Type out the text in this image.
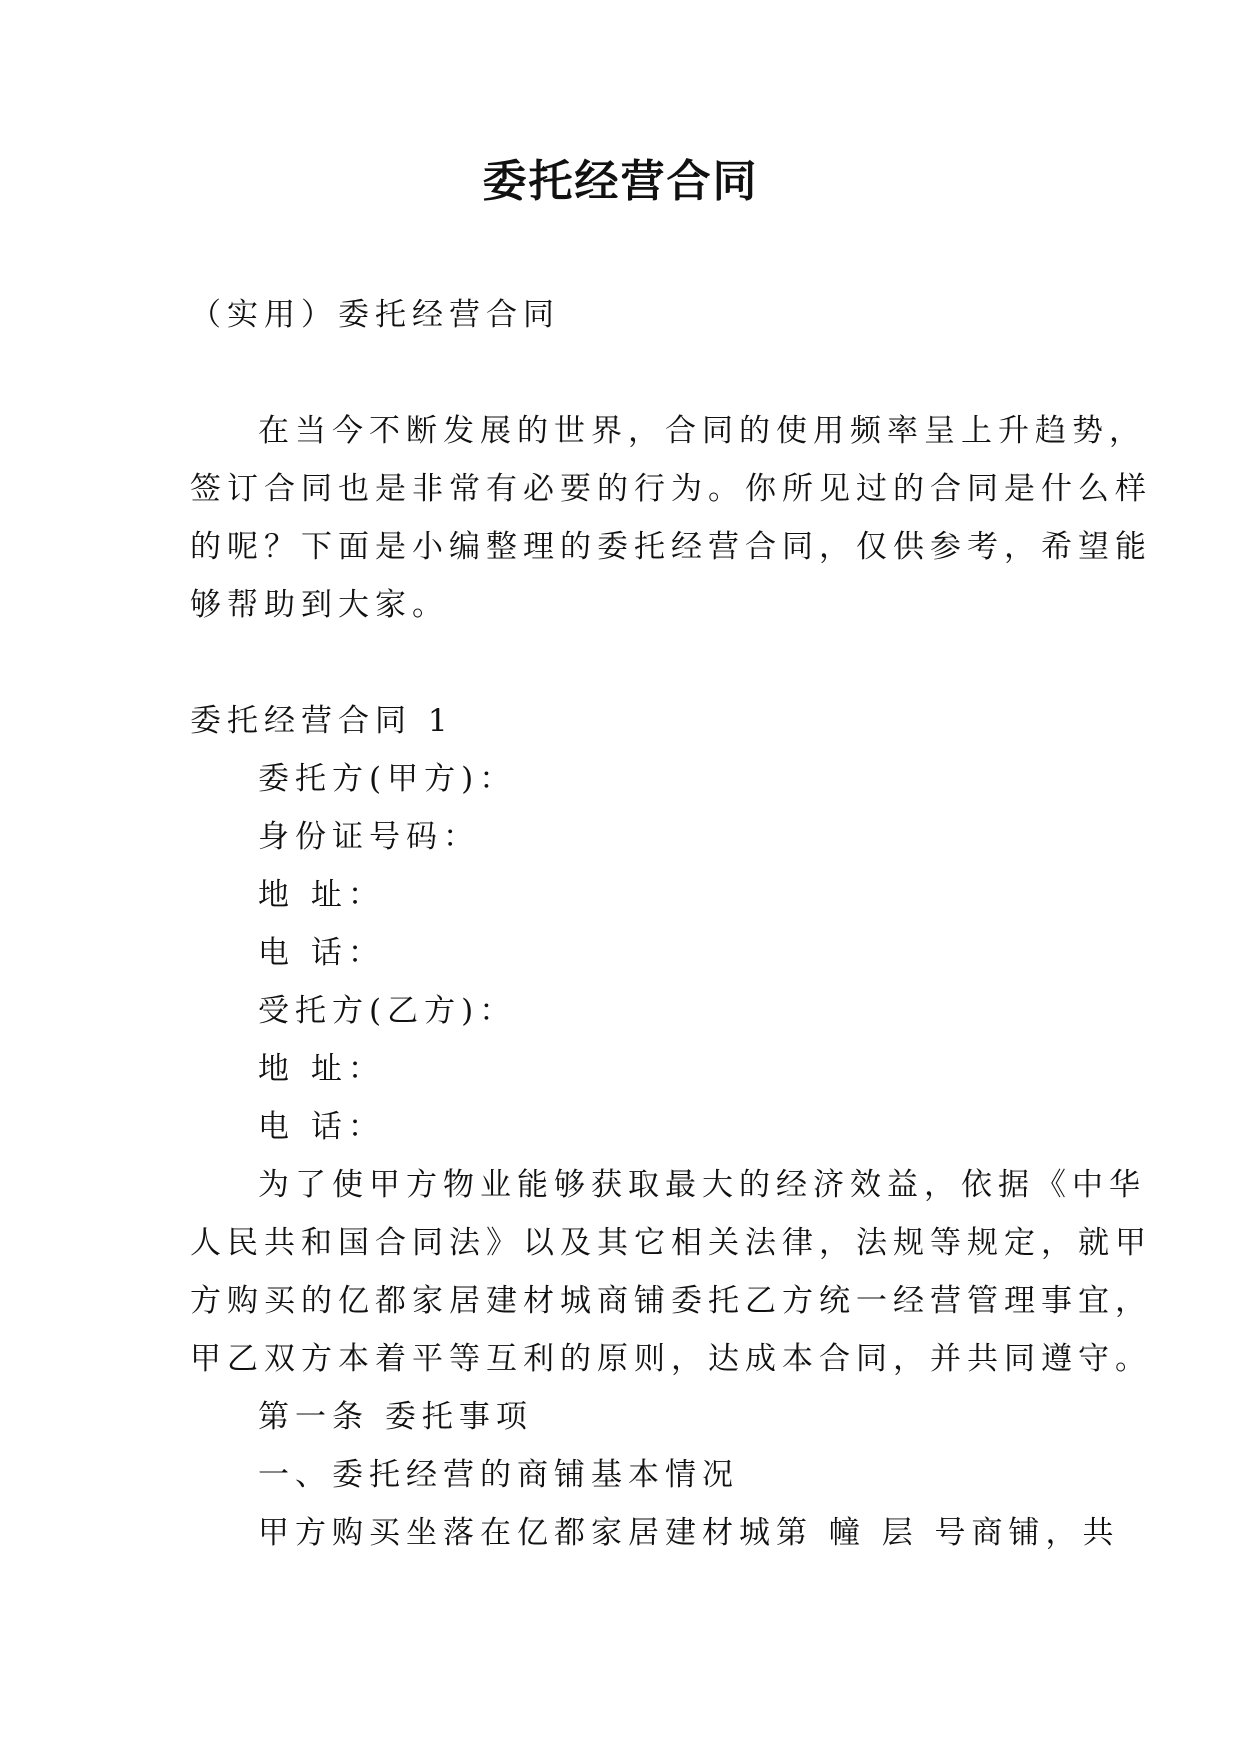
委托经营合同

（实用）委托经营合同

在当今不断发展的世界，合同的使用频率呈上升趋势，

签订合同也是非常有必要的行为。你所见过的合同是什么样

的呢？下面是小编整理的委托经营合同，仅供参考，希望能

够帮助到大家。

委托经营合同 1

委托方(甲方)：

身份证号码：

地 址：

电 话：

受托方(乙方)：

地 址：

电 话：

为了使甲方物业能够获取最大的经济效益，依据《中华

人民共和国合同法》以及其它相关法律，法规等规定，就甲

方购买的亿都家居建材城商铺委托乙方统一经营管理事宜，

甲乙双方本着平等互利的原则，达成本合同，并共同遵守。

第一条 委托事项

一、委托经营的商铺基本情况

甲方购买坐落在亿都家居建材城第 幢 层 号商铺，共
